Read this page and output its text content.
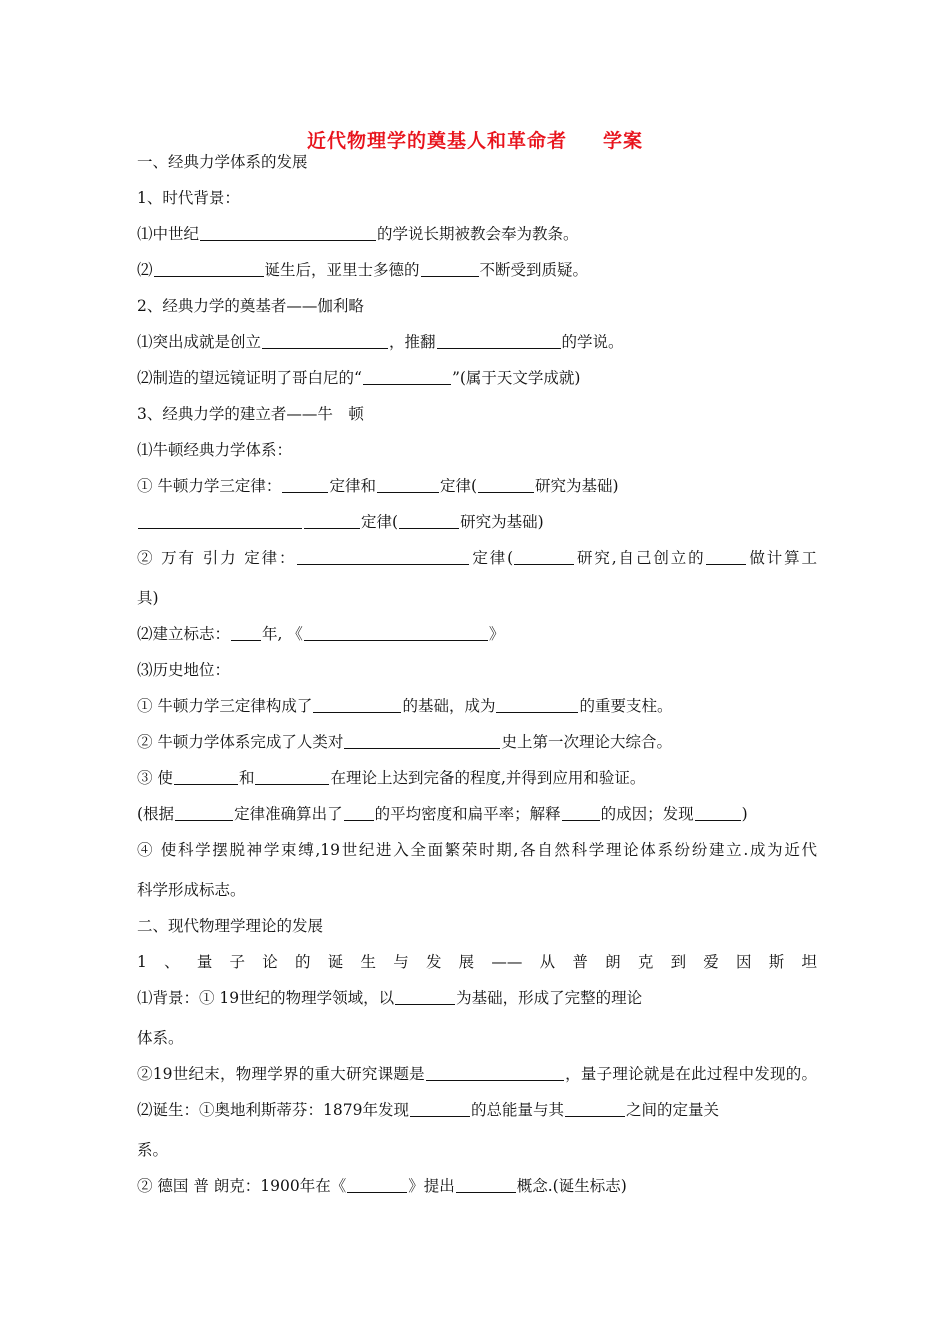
近代物理学的奠基人和革命者 学案
一、经典力学体系的发展
1、时代背景：
⑴中世纪	的学说长期被教会奉为教条。
⑵	诞生后，亚里士多德的	不断受到质疑。
2、经典力学的奠基者——伽利略
⑴突出成就是创立	，推翻	的学说。
⑵制造的望远镜证明了哥白尼的“	”(属于天文学成就)
3、经典力学的建立者——牛　顿
⑴牛顿经典力学体系：
① 牛顿力学三定律：	定律和	定律(	研究为基础)
定律(	研究为基础)
② 万有 引力 定律：	定律(	研究,自己创立的	做计算工
具)
⑵建立标志： 年, 《	》
⑶历史地位：
① 牛顿力学三定律构成了	的基础，成为	的重要支柱。
② 牛顿力学体系完成了人类对	史上第一次理论大综合。
③ 使	和	在理论上达到完备的程度,并得到应用和验证。
(根据	定律准确算出了 的平均密度和扁平率；解释	的成因；发现	)
④ 使科学摆脱神学束缚,19世纪进入全面繁荣时期,各自然科学理论体系纷纷建立.成为近代
科学形成标志。
二、现代物理学理论的发展
1、量子论的诞生与发展——从普朗克到爱因斯坦
⑴背景：① 19世纪的物理学领域，以	为基础，形成了完整的理论
体系。
②19世纪末，物理学界的重大研究课题是	，量子理论就是在此过程中发现的。
⑵诞生：①奥地利斯蒂芬：1879年发现	的总能量与其	之间的定量关
系。
② 德国 普 朗克：1900年在《	》提出	概念.(诞生标志)
